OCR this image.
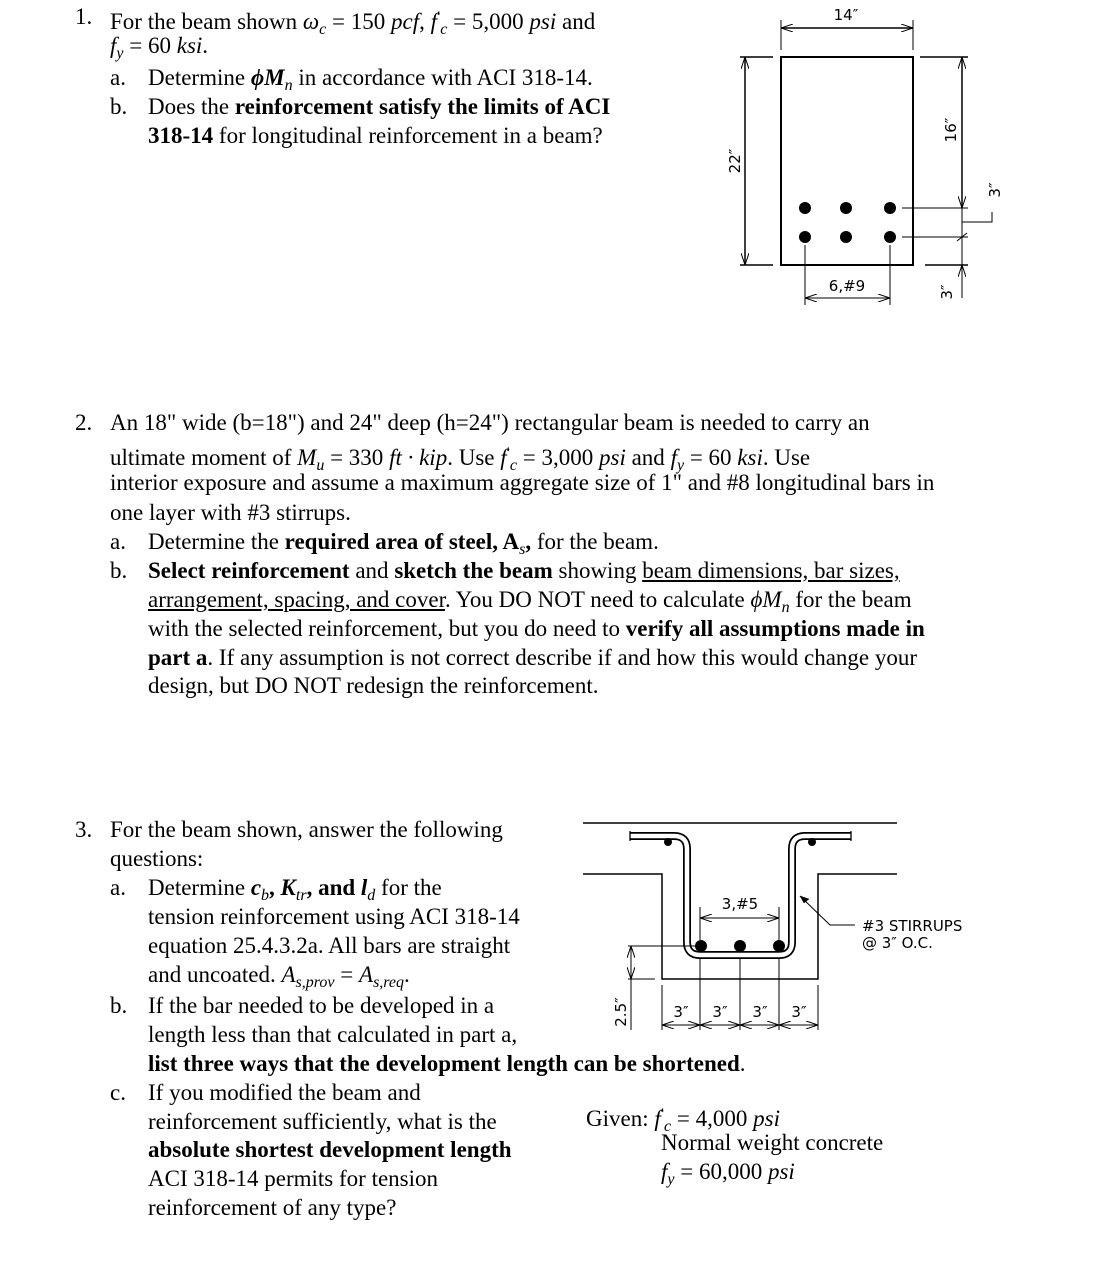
1. For the beam shown $\omega_c = 150$ pcf, $f'_c = 5,000$ psi and
$f_y = 60$ ksi.
a. Determine $\phi M_n$ in accordance with ACI 318-14.
b. Does the reinforcement satisfy the limits of ACI
318-14 for longitudinal reinforcement in a beam?
2. An 18" wide (b=18") and 24" deep (h=24") rectangular beam is needed to carry an
ultimate moment of $M_u = 330$ ft · kip. Use $f'_c = 3,000$ psi and $f_y = 60$ ksi. Use
interior exposure and assume a maximum aggregate size of 1" and #8 longitudinal bars in
one layer with #3 stirrups.
a. Determine the required area of steel, $A_s$, for the beam.
b. Select reinforcement and sketch the beam showing beam dimensions, bar sizes,
arrangement, spacing, and cover. You DO NOT need to calculate $\phi M_n$ for the beam
with the selected reinforcement, but you do need to verify all assumptions made in
part a. If any assumption is not correct describe if and how this would change your
design, but DO NOT redesign the reinforcement.
3. For the beam shown, answer the following
questions:
a. Determine $c_b$, $K_{tr}$, and $l_d$ for the
tension reinforcement using ACI 318-14
equation 25.4.3.2a. All bars are straight
and uncoated. $A_{s,prov} = A_{s,req}$.
b. If the bar needed to be developed in a
length less than that calculated in part a,
list three ways that the development length can be shortened.
c. If you modified the beam and
reinforcement sufficiently, what is the
absolute shortest development length
ACI 318-14 permits for tension
reinforcement of any type?
Given: $f'_c = 4,000$ psi
Normal weight concrete
$f_y = 60,000$ psi
14″
22″
16″
3″
3″
6,#9
3,#5
#3 STIRRUPS
@ 3″ O.C.
2.5″	3″ 3″ 3″ 3″
